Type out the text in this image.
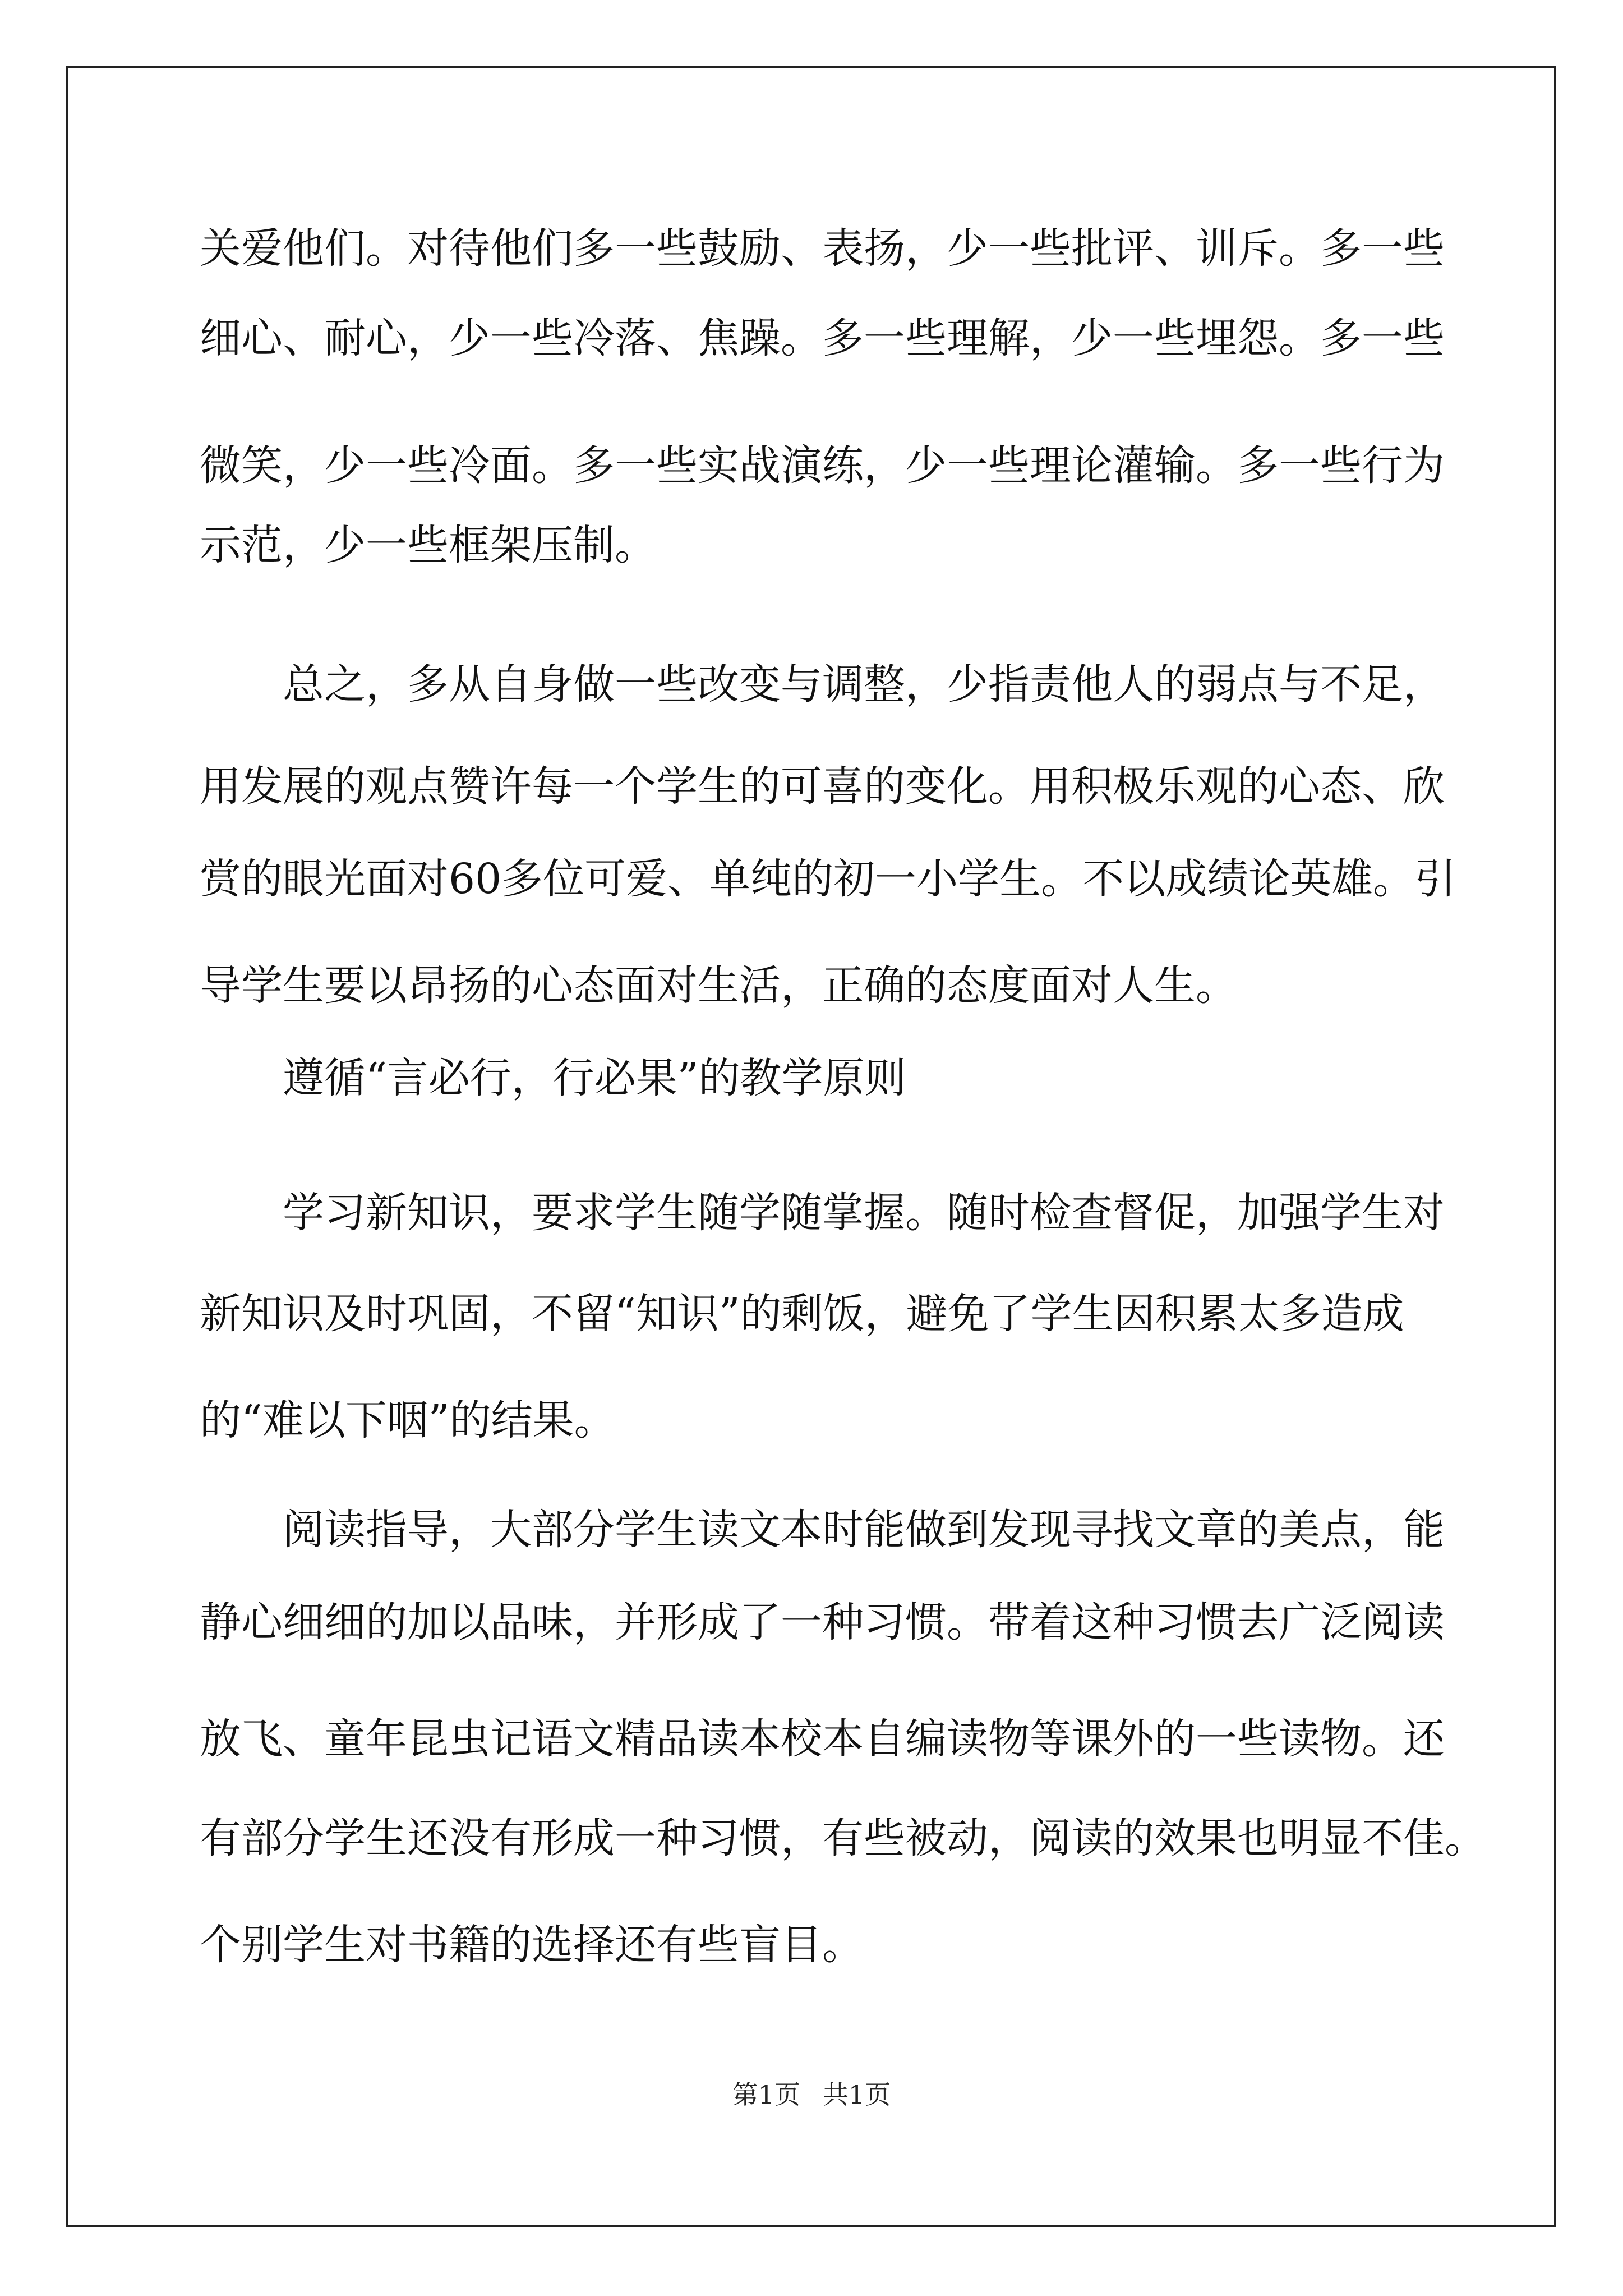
关爱他们。对待他们多一些鼓励、表扬，少一些批评、训斥。多一些
细心、耐心，少一些冷落、焦躁。多一些理解，少一些埋怨。多一些
微笑，少一些冷面。多一些实战演练，少一些理论灌输。多一些行为
示范，少一些框架压制。
总之，多从自身做一些改变与调整，少指责他人的弱点与不足，
用发展的观点赞许每一个学生的可喜的变化。用积极乐观的心态、欣
赏的眼光面对60多位可爱、单纯的初一小学生。不以成绩论英雄。引
导学生要以昂扬的心态面对生活，正确的态度面对人生。
遵循“言必行，行必果”的教学原则
学习新知识，要求学生随学随掌握。随时检查督促，加强学生对
新知识及时巩固，不留“知识”的剩饭，避免了学生因积累太多造成
的“难以下咽”的结果。
阅读指导，大部分学生读文本时能做到发现寻找文章的美点，能
静心细细的加以品味，并形成了一种习惯。带着这种习惯去广泛阅读
放飞、童年昆虫记语文精品读本校本自编读物等课外的一些读物。还
有部分学生还没有形成一种习惯，有些被动，阅读的效果也明显不佳。
个别学生对书籍的选择还有些盲目。
第1页 共1页
